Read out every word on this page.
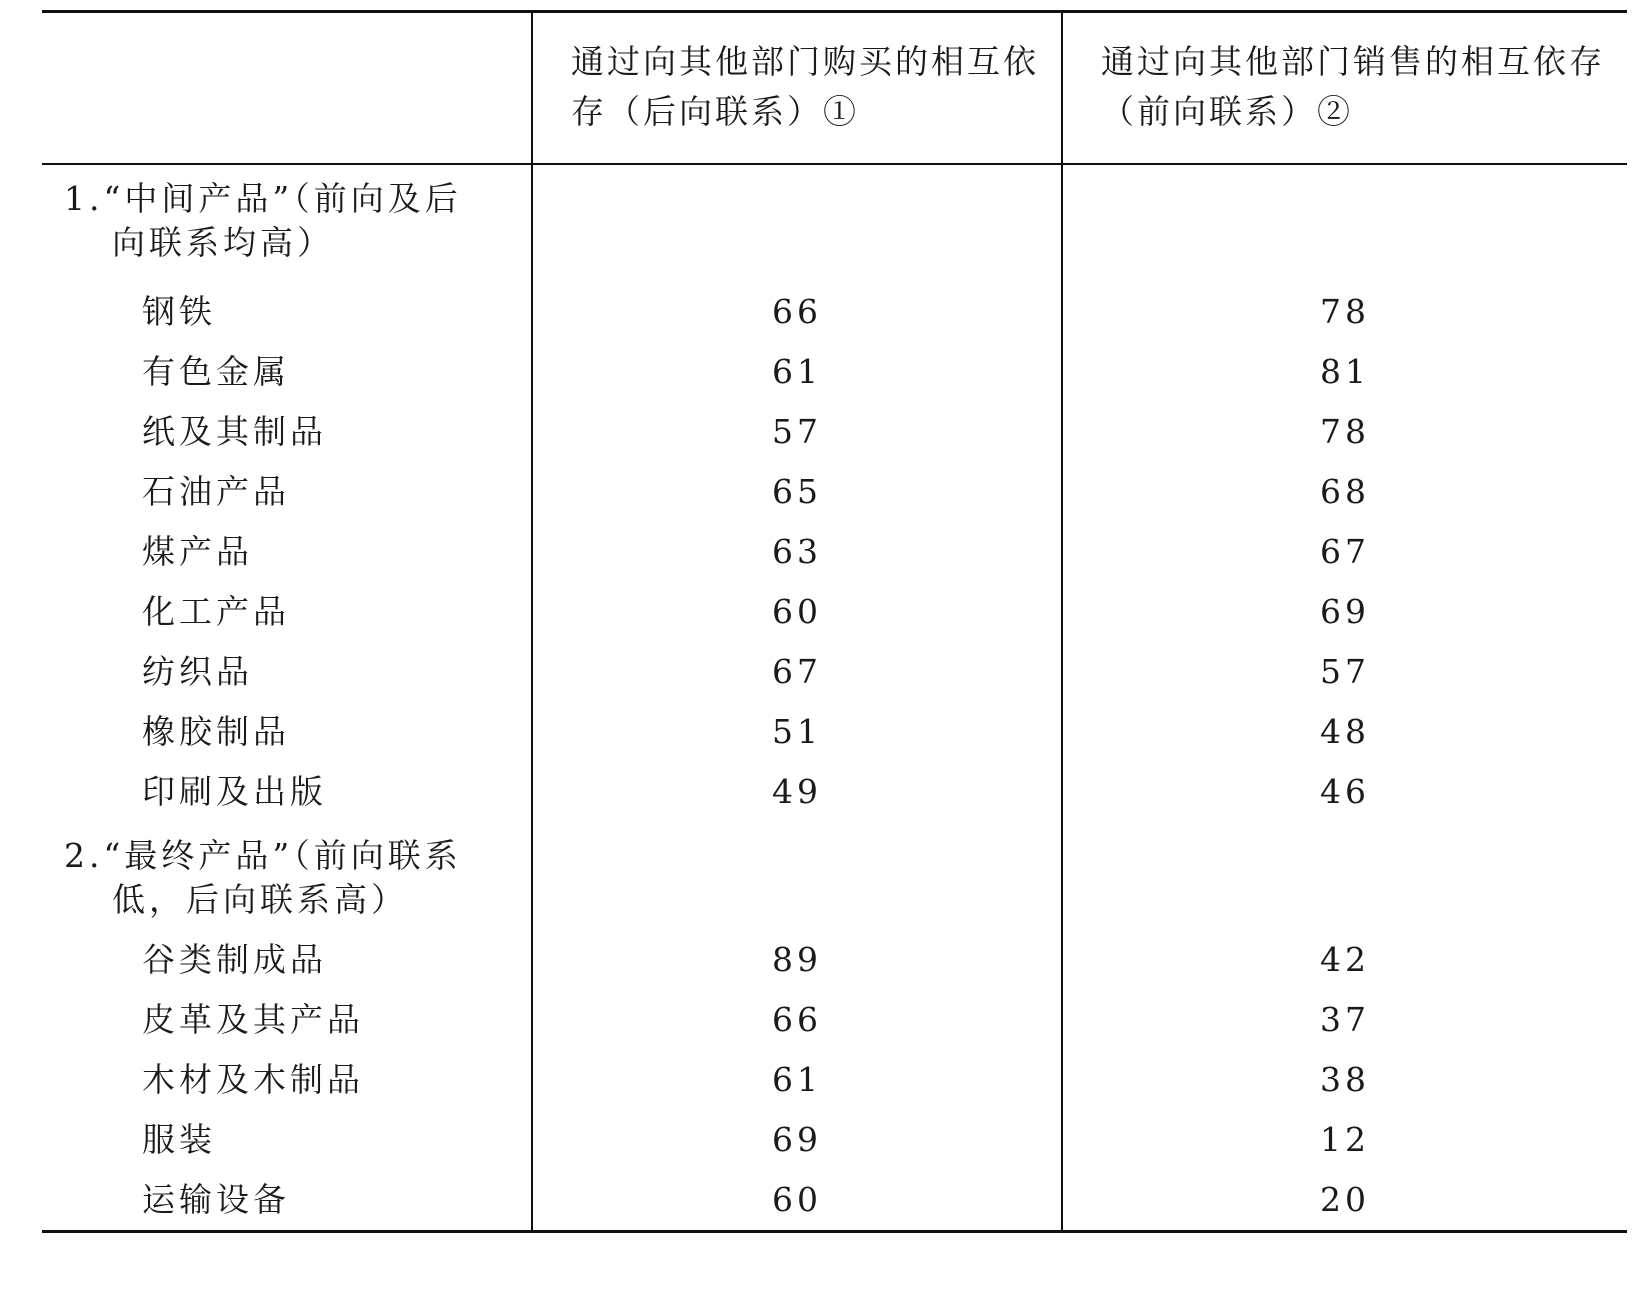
	通过向其他部门购买的相互依存（后向联系）①	通过向其他部门销售的相互依存（前向联系）②

1.“中间产品”（前向及后
向联系均高）		

钢铁	66	78
有色金属	61	81
纸及其制品	57	78
石油产品	65	68
煤产品	63	67
化工产品	60	69
纺织品	67	57
橡胶制品	51	48
印刷及出版	49	46

2.“最终产品”（前向联系
低，后向联系高）		

谷类制成品	89	42
皮革及其产品	66	37
木材及木制品	61	38
服装	69	12
运输设备	60	20
